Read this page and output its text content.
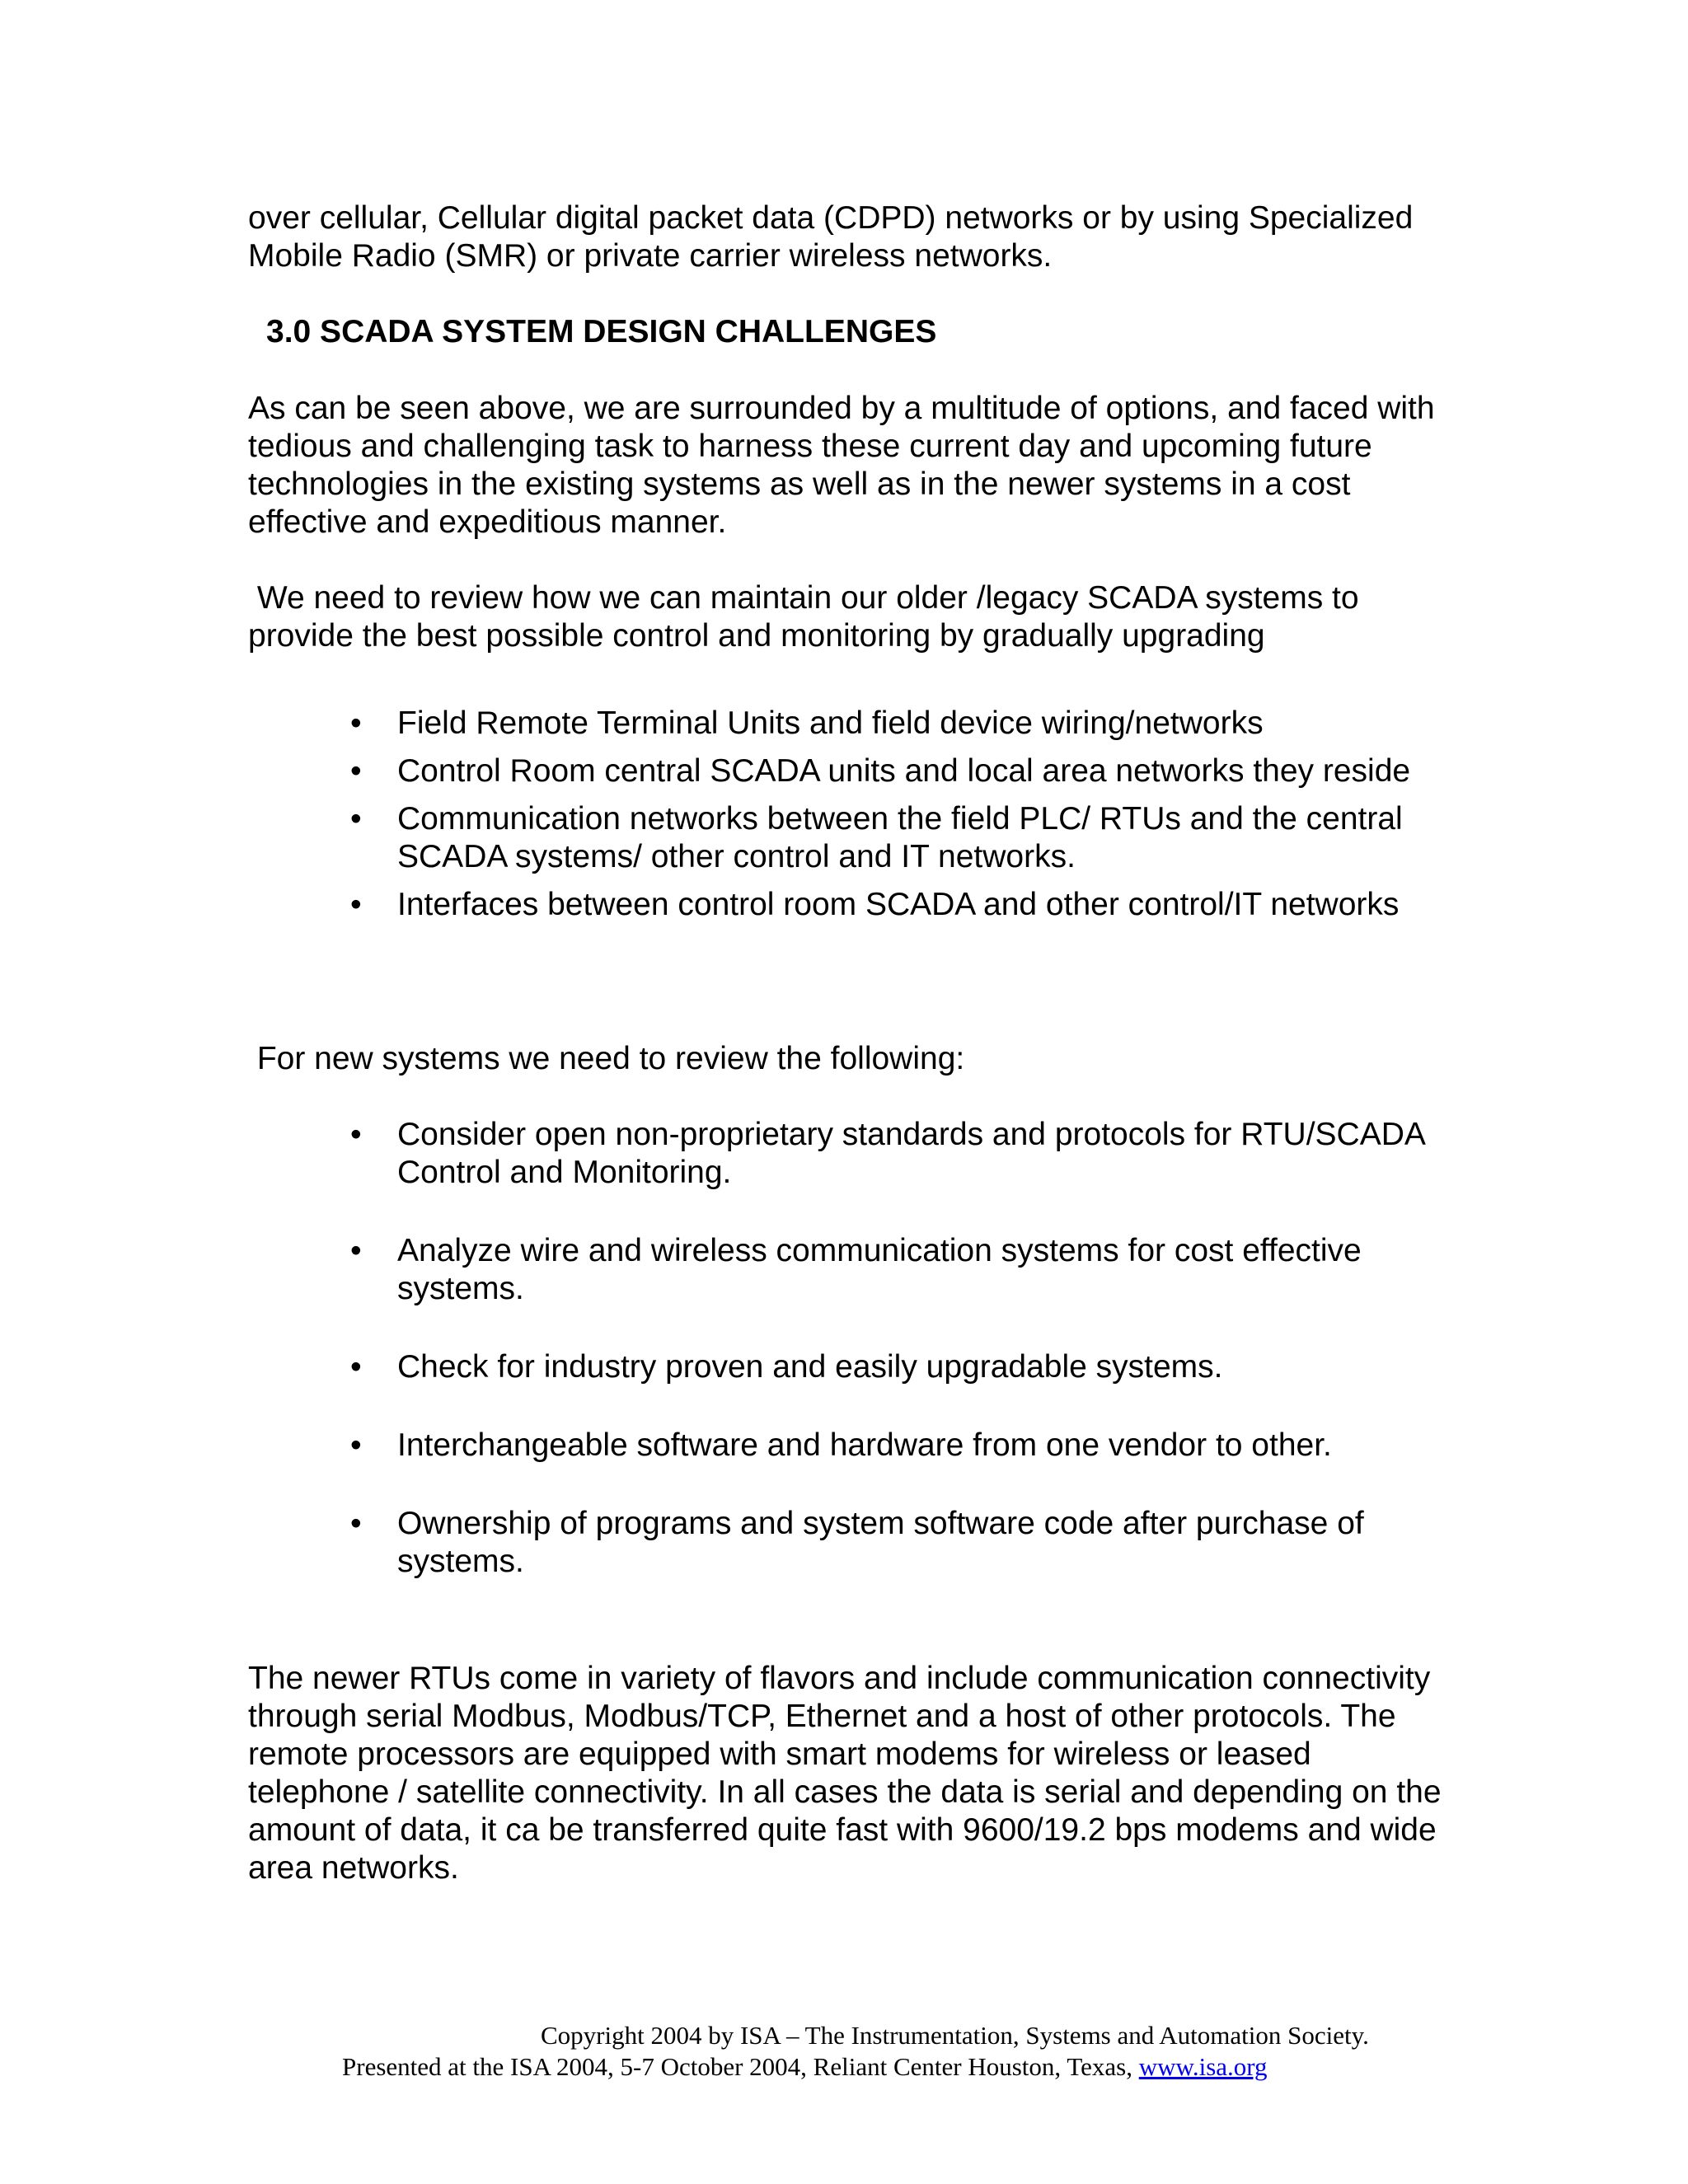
over cellular, Cellular digital packet data (CDPD) networks or by using Specialized Mobile Radio (SMR) or private carrier wireless networks.

3.0 SCADA SYSTEM DESIGN CHALLENGES

As can be seen above, we are surrounded by a multitude of options, and faced with tedious and challenging task to harness these current day and upcoming future technologies in the existing systems as well as in the newer systems in a cost effective and expeditious manner.

We need to review how we can maintain our older /legacy SCADA systems to provide the best possible control and monitoring by gradually upgrading

• Field Remote Terminal Units and field device wiring/networks
• Control Room central SCADA units and local area networks they reside
• Communication networks between the field PLC/ RTUs and the central SCADA systems/ other control and IT networks.
• Interfaces between control room SCADA and other control/IT networks

For new systems we need to review the following:

• Consider open non-proprietary standards and protocols for RTU/SCADA Control and Monitoring.
• Analyze wire and wireless communication systems for cost effective systems.
• Check for industry proven and easily upgradable systems.
• Interchangeable software and hardware from one vendor to other.
• Ownership of programs and system software code after purchase of systems.

The newer RTUs come in variety of flavors and include communication connectivity through serial Modbus, Modbus/TCP, Ethernet and a host of other protocols. The remote processors are equipped with smart modems for wireless or leased telephone / satellite connectivity. In all cases the data is serial and depending on the amount of data, it ca be transferred quite fast with 9600/19.2 bps modems and wide area networks.

Copyright 2004 by ISA – The Instrumentation, Systems and Automation Society.
Presented at the ISA 2004, 5-7 October 2004, Reliant Center Houston, Texas, www.isa.org
